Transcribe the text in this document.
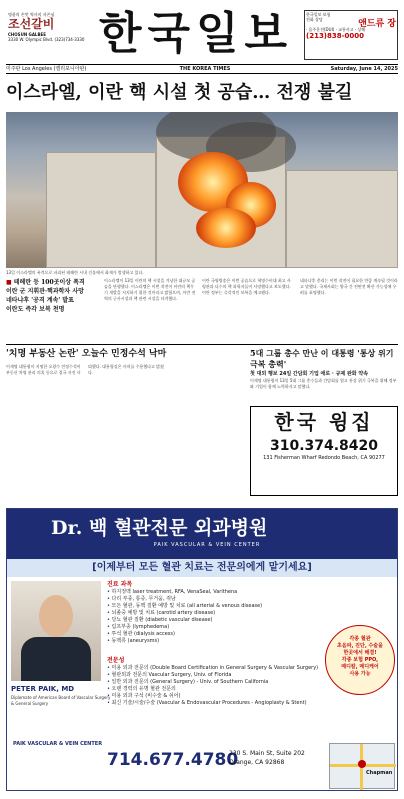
명품의 손맛 역사의 자존심
조선갈비
CHOSUN GALBEE
3330 W. Olympic Blvd. (323)734-3330 한국일보	한국일보 보험
전화 상담	앤드류 장
· 음주운전(DUI) · 교통사고 · 상해
(213)838-0000
미주판 Los Angeles (캘리포니아판)	Saturday, June 14, 2025
THE KOREA TIMES
이스라엘, 이란 핵 시설 첫 공습… 전쟁 불길
13일 이스라엘의 폭격으로 파괴된 테헤란 시내 건물에서 화재가 발생하고 있다.
■ 테헤란 등 100곳이상 폭격
이란 군 지휘관·핵과학자 사망
네타냐후 '공격 계속' 발표
이란도 즉각 보복 천명
이스라엘이 13일 이란의 핵 시설을 겨냥한 대규모 공습을 단행했다. 이스라엘은 이번 작전이 이란의 핵무기 개발을 저지하기 위한 것이라고 밝혔으며, 이란 전역의 군사시설과 핵 관련 시설을 타격했다.
이란 국영방송은 이번 공습으로 혁명수비대 최고 사령관과 다수의 핵 과학자들이 사망했다고 보도했다. 이란 정부는 즉각적인 보복을 예고했다.
네타냐후 총리는 이번 작전이 필요한 만큼 계속될 것이라고 말했다. 국제사회는 양국 간 전면전 확산 가능성에 우려를 표명했다.
'치명 부동산 논란' 오늘수 민정수석 낙마
이재명 대통령이 지명한 오광수 민정수석이 부동산 차명 관리 의혹 등으로 결국 자진 사퇴했다. 대통령실은 사의를 수용했다고 밝혔다.
5대 그룹 총수 만난 이 대통령 '통상 위기 극복 총력'
첫 대외 행보 24일 간담회 기업 애로 · 규제 완화 약속
이재명 대통령이 13일 5대 그룹 총수들과 간담회를 열고 통상 위기 극복을 위해 정부와 기업이 함께 노력하자고 말했다.
한국 윙집
310.374.8420
131 Fisherman Wharf Redondo Beach, CA 90277
Dr. 백 혈관전문 외과병원
PAIK VASCULAR & VEIN CENTER
[이제부터 모든 혈관 치료는 전문의에게 맡기세요]
PETER PAIK, MD
Diplomate of American Board of Vascular Surgery & General Surgery
PAIK VASCULAR & VEIN CENTER
진료 과목
• 하지정맥 laser treatment, RFA, VenaSeal, Varithena
• 다리 부종, 통증, 무거움, 쥐남
• 모든 혈관, 동맥 질환 예방 및 치료 (all arterial & venous disease)
• 뇌졸중 예방 및 치료 (carotid artery disease)
• 당뇨 혈관 질환 (diabetic vascular disease)
• 림프부종 (lymphedema)
• 투석 혈관 (dialysis access)
• 동맥류 (aneurysms)
전문성
• 미용 외과 전문의 (Double Board Certification in General Surgery & Vascular Surgery)
• 혈관외과 전문의 Vascular Surgery, Univ. of Florida
• 일반 외과 전문의 (General Surgery) - Univ. of Southern California
• 오랜 경력의 유명 혈관 전문의
• 미용 외과 구석 (비수술 & 쉬어)
• 최신 기술/시술/수술 (Vascular & Endovascular Procedures - Angioplasty & Stent)
각종 혈관
초음파, 진단, 수술을
한곳에서 해결!
각종 보험 PPO,
메디칼, 메디케어
사용 가능
714.677.4780
230 S. Main St, Suite 202 Orange, CA 92868
Chapman
